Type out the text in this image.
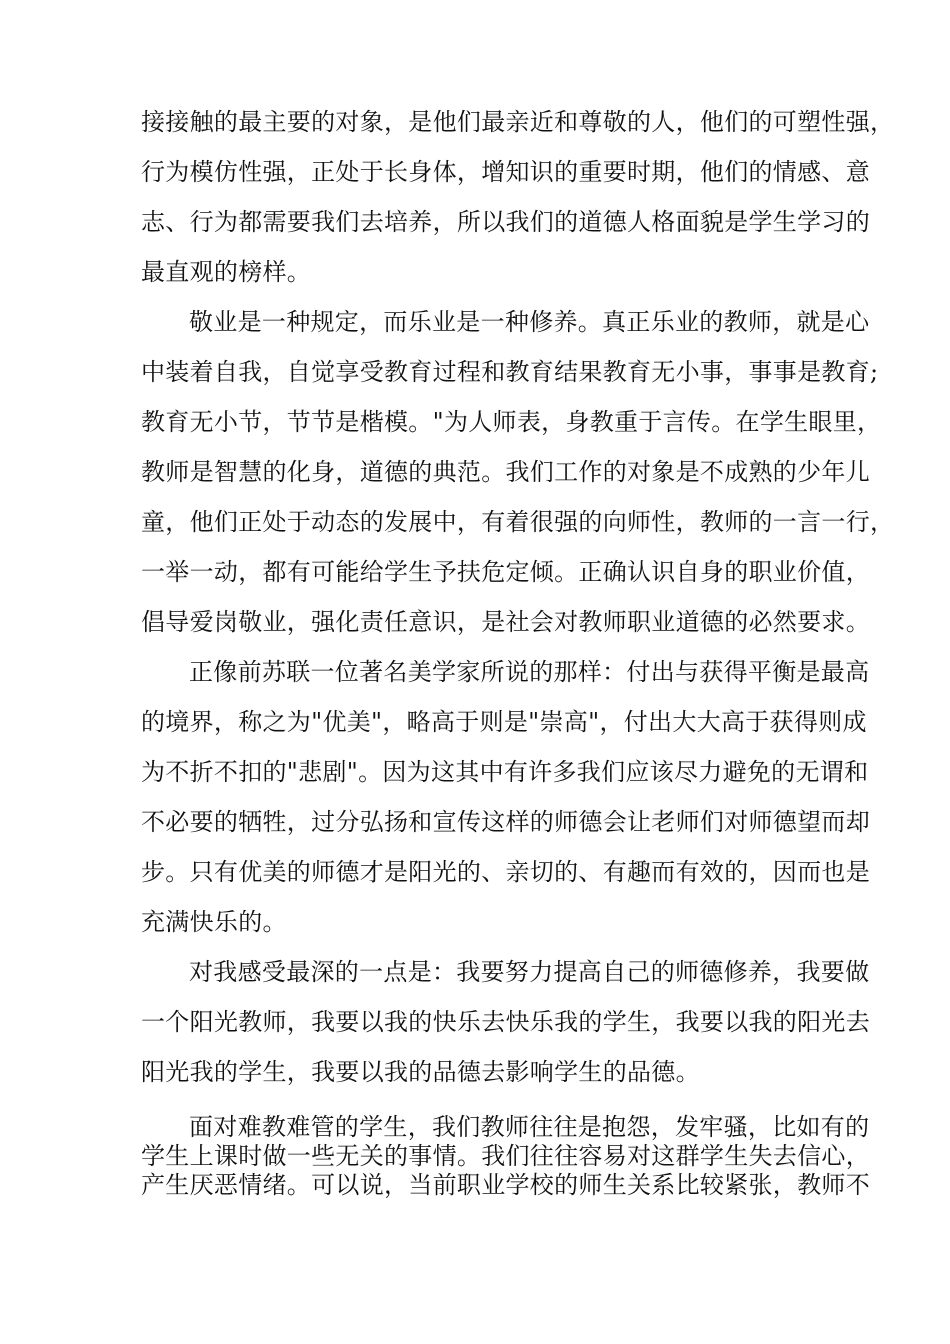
接接触的最主要的对象，是他们最亲近和尊敬的人，他们的可塑性强，
行为模仿性强，正处于长身体，增知识的重要时期，他们的情感、意
志、行为都需要我们去培养，所以我们的道德人格面貌是学生学习的
最直观的榜样。
敬业是一种规定，而乐业是一种修养。真正乐业的教师，就是心
中装着自我，自觉享受教育过程和教育结果教育无小事，事事是教育;
教育无小节，节节是楷模。"为人师表，身教重于言传。在学生眼里，
教师是智慧的化身，道德的典范。我们工作的对象是不成熟的少年儿
童，他们正处于动态的发展中，有着很强的向师性，教师的一言一行，
一举一动，都有可能给学生予扶危定倾。正确认识自身的职业价值，
倡导爱岗敬业，强化责任意识，是社会对教师职业道德的必然要求。
正像前苏联一位著名美学家所说的那样：付出与获得平衡是最高
的境界，称之为"优美"，略高于则是"崇高"，付出大大高于获得则成
为不折不扣的"悲剧"。因为这其中有许多我们应该尽力避免的无谓和
不必要的牺牲，过分弘扬和宣传这样的师德会让老师们对师德望而却
步。只有优美的师德才是阳光的、亲切的、有趣而有效的，因而也是
充满快乐的。
对我感受最深的一点是：我要努力提高自己的师德修养，我要做
一个阳光教师，我要以我的快乐去快乐我的学生，我要以我的阳光去
阳光我的学生，我要以我的品德去影响学生的品德。
面对难教难管的学生，我们教师往往是抱怨，发牢骚，比如有的
学生上课时做一些无关的事情。我们往往容易对这群学生失去信心，
产生厌恶情绪。可以说，当前职业学校的师生关系比较紧张，教师不
